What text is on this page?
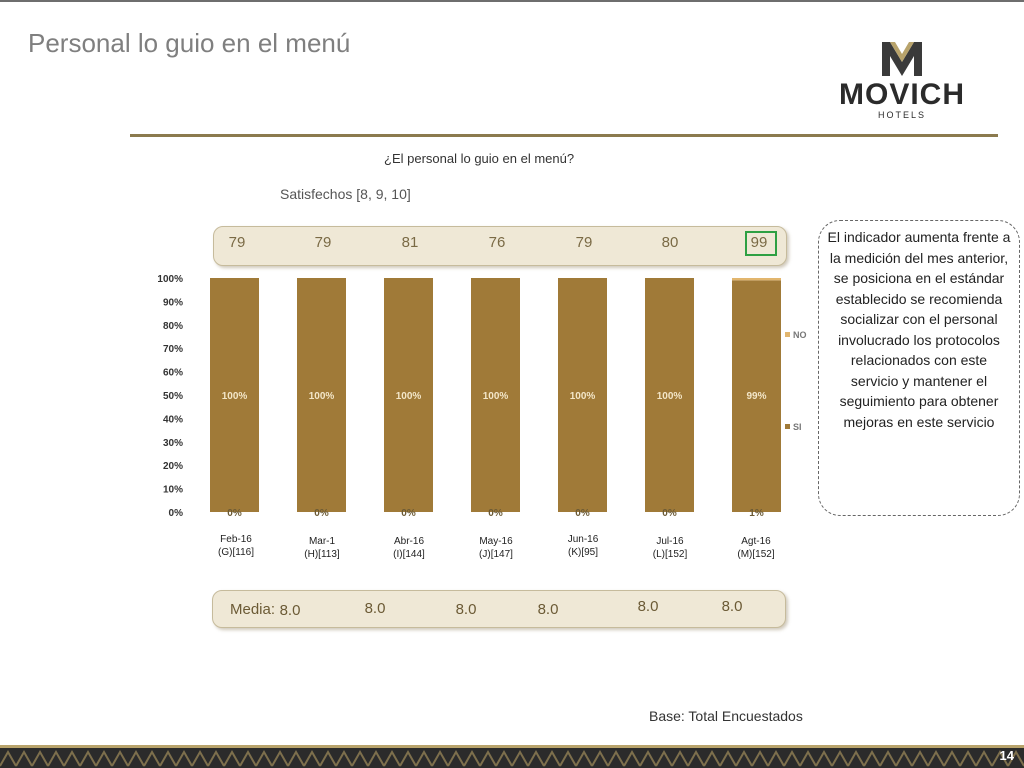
Personal lo guio en el menú
MOVICH
HOTELS
¿El personal lo guio en el menú?
Satisfechos [8, 9, 10]
79	79	81	76	79	80	99
0%
10%
20%
30%
40%
50%
60%
70%
80%
90%
100%
100%
0%
100%
0%
100%
0%
100%
0%
100%
0%
100%
0%
99%
1%
NO
SI
Feb-16
(G)[116]
Mar-1
(H)[113]
Abr-16
(I)[144]
May-16
(J)[147]
Jun-16
(K)[95]
Jul-16
(L)[152]
Agt-16
(M)[152]
Media: 8.0	8.0	8.0	8.0	8.0	8.0
El indicador aumenta frente a la medición del mes anterior, se posiciona en el estándar establecido se recomienda socializar con el personal involucrado los protocolos relacionados con este servicio y mantener el seguimiento para obtener mejoras en este servicio
Base: Total Encuestados
14
